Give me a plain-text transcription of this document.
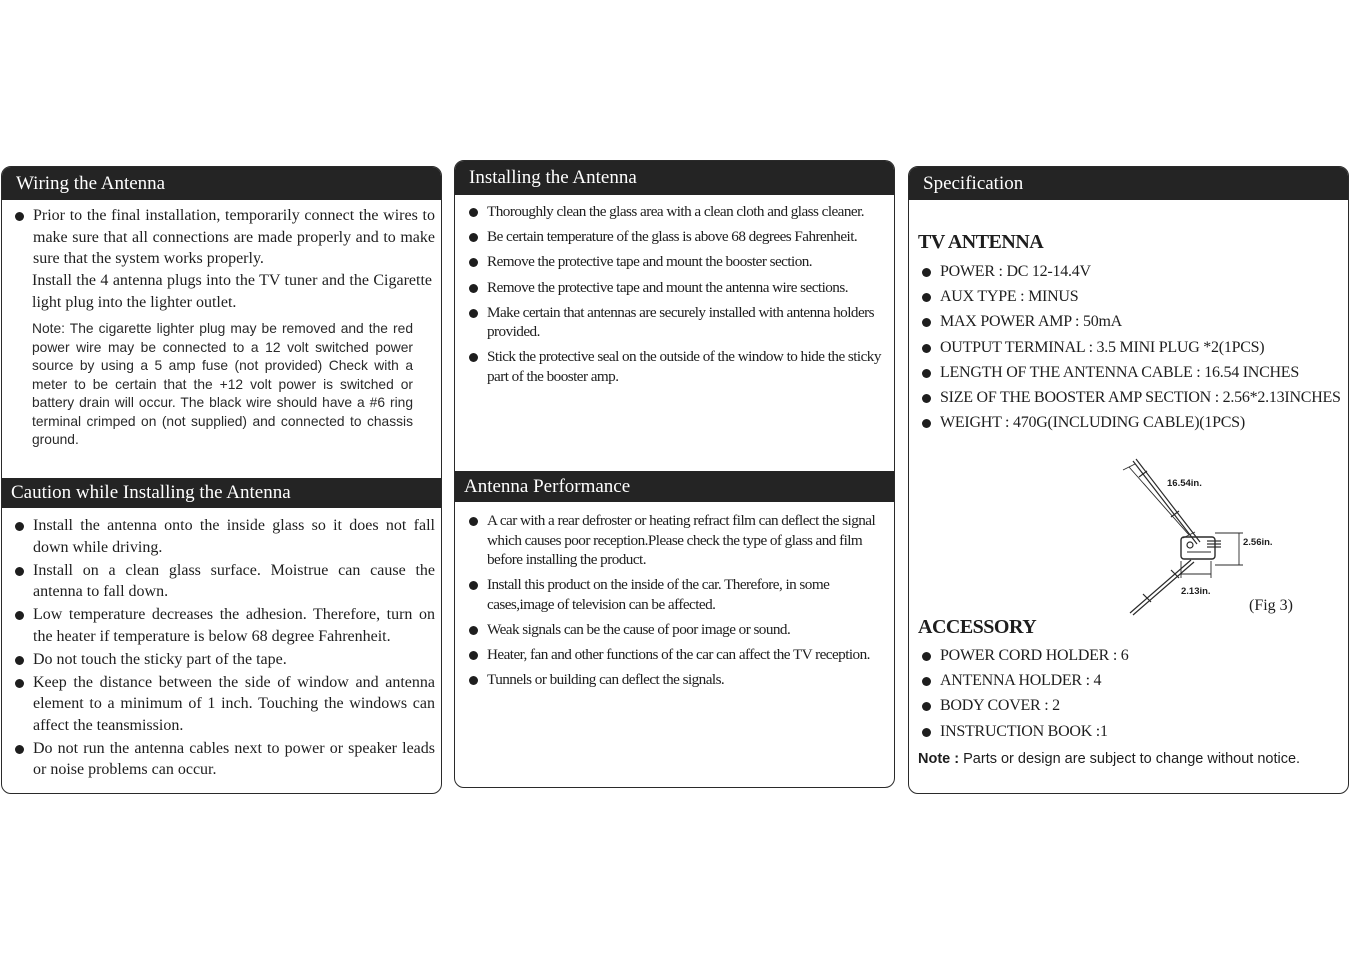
Wiring the Antenna
Prior to the final installation, temporarily connect the wires to make sure that all connections are made properly and to make sure that the system works properly.
Install the 4 antenna plugs into the TV tuner and the Cigarette light plug into the lighter outlet.
Note: The cigarette lighter plug may be removed and the red power wire may be connected to a 12 volt switched power source by using a 5 amp fuse (not provided) Check with a meter to be certain that the +12 volt power is switched or battery drain will occur. The black wire should have a #6 ring terminal crimped on (not supplied) and connected to chassis ground.
Caution while Installing the Antenna
Install the antenna onto the inside glass so it does not fall down while driving.
Install on a clean glass surface. Moistrue can cause the antenna to fall down.
Low temperature decreases the adhesion. Therefore, turn on the heater if temperature is below 68 degree Fahrenheit.
Do not touch the sticky part of the tape.
Keep the distance between the side of window and antenna element to a minimum of 1 inch. Touching the windows can affect the teansmission.
Do not run the antenna cables next to power or speaker leads or noise problems can occur.
Installing the Antenna
Thoroughly clean the glass area with a clean cloth and glass cleaner.
Be certain temperature of the glass is above 68 degrees Fahrenheit.
Remove the protective tape and mount the booster section.
Remove the protective tape and mount the antenna wire sections.
Make certain that antennas are securely installed with antenna holders provided.
Stick the protective seal on the outside of the window to hide the sticky part of the booster amp.
Antenna Performance
A car with a rear defroster or heating refract film can deflect the signal which causes poor reception.Please check the type of glass and film before installing the product.
Install this product on the inside of the car. Therefore, in some cases,image of television can be affected.
Weak signals can be the cause of poor image or sound.
Heater, fan and other functions of the car can affect the TV reception.
Tunnels or building can deflect the signals.
Specification
TV ANTENNA
POWER : DC 12-14.4V
AUX TYPE : MINUS
MAX POWER AMP : 50mA
OUTPUT TERMINAL : 3.5 MINI PLUG *2(1PCS)
LENGTH OF THE ANTENNA CABLE : 16.54 INCHES
SIZE OF THE BOOSTER AMP SECTION : 2.56*2.13INCHES
WEIGHT : 470G(INCLUDING CABLE)(1PCS)
16.54in.
2.56in.
2.13in.
(Fig 3)
ACCESSORY
POWER CORD HOLDER : 6
ANTENNA HOLDER : 4
BODY COVER : 2
INSTRUCTION BOOK :1
Note : Parts or design are subject to change without notice.
